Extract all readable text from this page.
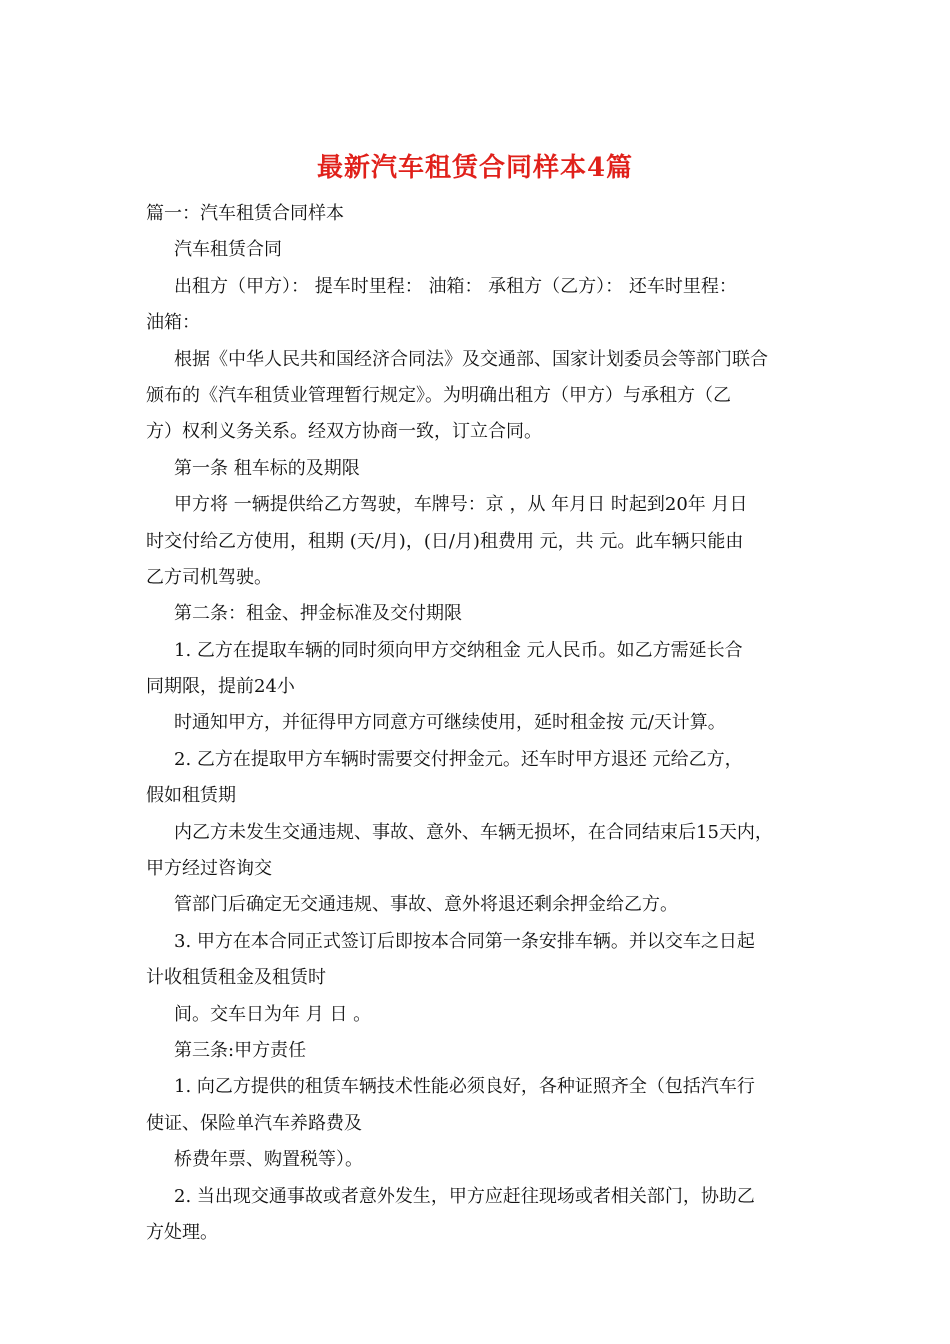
最新汽车租赁合同样本4篇
篇一：汽车租赁合同样本
汽车租赁合同
出租方（甲方）： 提车时里程： 油箱： 承租方（乙方）： 还车时里程：
油箱：
根据《中华人民共和国经济合同法》及交通部、国家计划委员会等部门联合
颁布的《汽车租赁业管理暂行规定》。为明确出租方（甲方）与承租方（乙
方）权利义务关系。经双方协商一致，订立合同。
第一条 租车标的及期限
甲方将 一辆提供给乙方驾驶，车牌号：京 ，从 年月日 时起到20年 月日
时交付给乙方使用，租期 (天/月)，(日/月)租费用 元，共 元。此车辆只能由
乙方司机驾驶。
第二条：租金、押金标准及交付期限
1. 乙方在提取车辆的同时须向甲方交纳租金 元人民币。如乙方需延长合
同期限，提前24小
时通知甲方，并征得甲方同意方可继续使用，延时租金按 元/天计算。
2. 乙方在提取甲方车辆时需要交付押金元。还车时甲方退还 元给乙方，
假如租赁期
内乙方未发生交通违规、事故、意外、车辆无损坏，在合同结束后15天内，
甲方经过咨询交
管部门后确定无交通违规、事故、意外将退还剩余押金给乙方。
3. 甲方在本合同正式签订后即按本合同第一条安排车辆。并以交车之日起
计收租赁租金及租赁时
间。交车日为年 月 日 。
第三条:甲方责任
1. 向乙方提供的租赁车辆技术性能必须良好，各种证照齐全（包括汽车行
使证、保险单汽车养路费及
桥费年票、购置税等）。
2. 当出现交通事故或者意外发生，甲方应赶往现场或者相关部门，协助乙
方处理。
